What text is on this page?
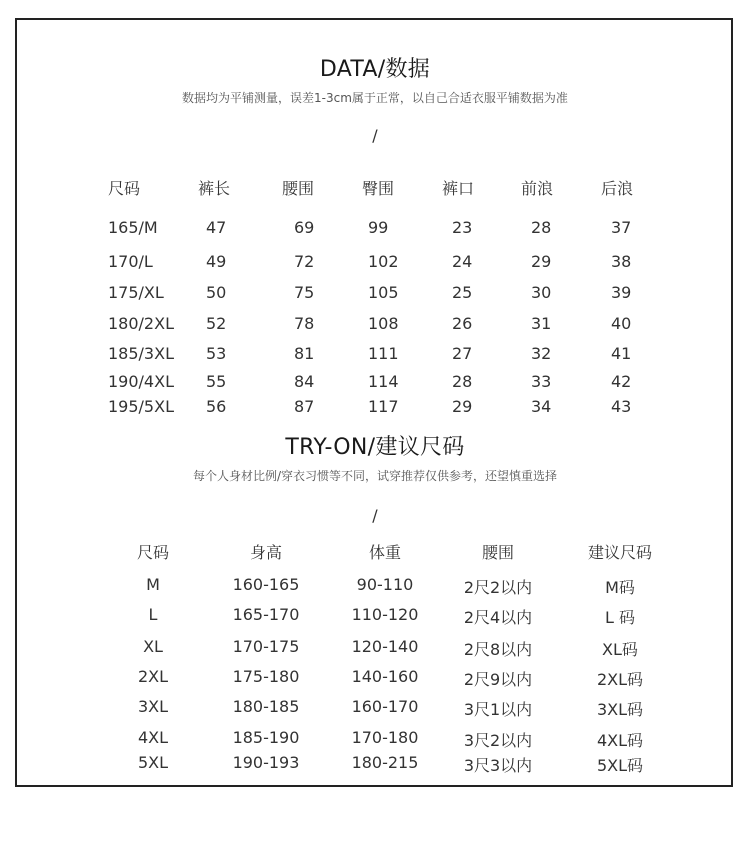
DATA/数据
数据均为平铺测量，误差1-3cm属于正常，以自己合适衣服平铺数据为准
/
尺码	裤长	腰围	臀围	裤口	前浪	后浪
165/M	47	69	99	23	28	37
170/L	49	72	102	24	29	38
175/XL	50	75	105	25	30	39
180/2XL 52	78	108	26	31	40
185/3XL 53	81	111	27	32	41
190/4XL 55	84	114	28	33	42
195/5XL 56	87	117	29	34	43
TRY-ON/建议尺码
每个人身材比例/穿衣习惯等不同，试穿推荐仅供参考，还望慎重选择
/
尺码	身高	体重	腰围	建议尺码
M	160-165	90-110	2尺2以内	M码
L	165-170	110-120	2尺4以内	L 码
XL	170-175	120-140	2尺8以内	XL码
2XL	175-180	140-160	2尺9以内	2XL码
3XL	180-185	160-170	3尺1以内	3XL码
4XL	185-190	170-180	3尺2以内	4XL码
5XL	190-193	180-215	3尺3以内	5XL码
